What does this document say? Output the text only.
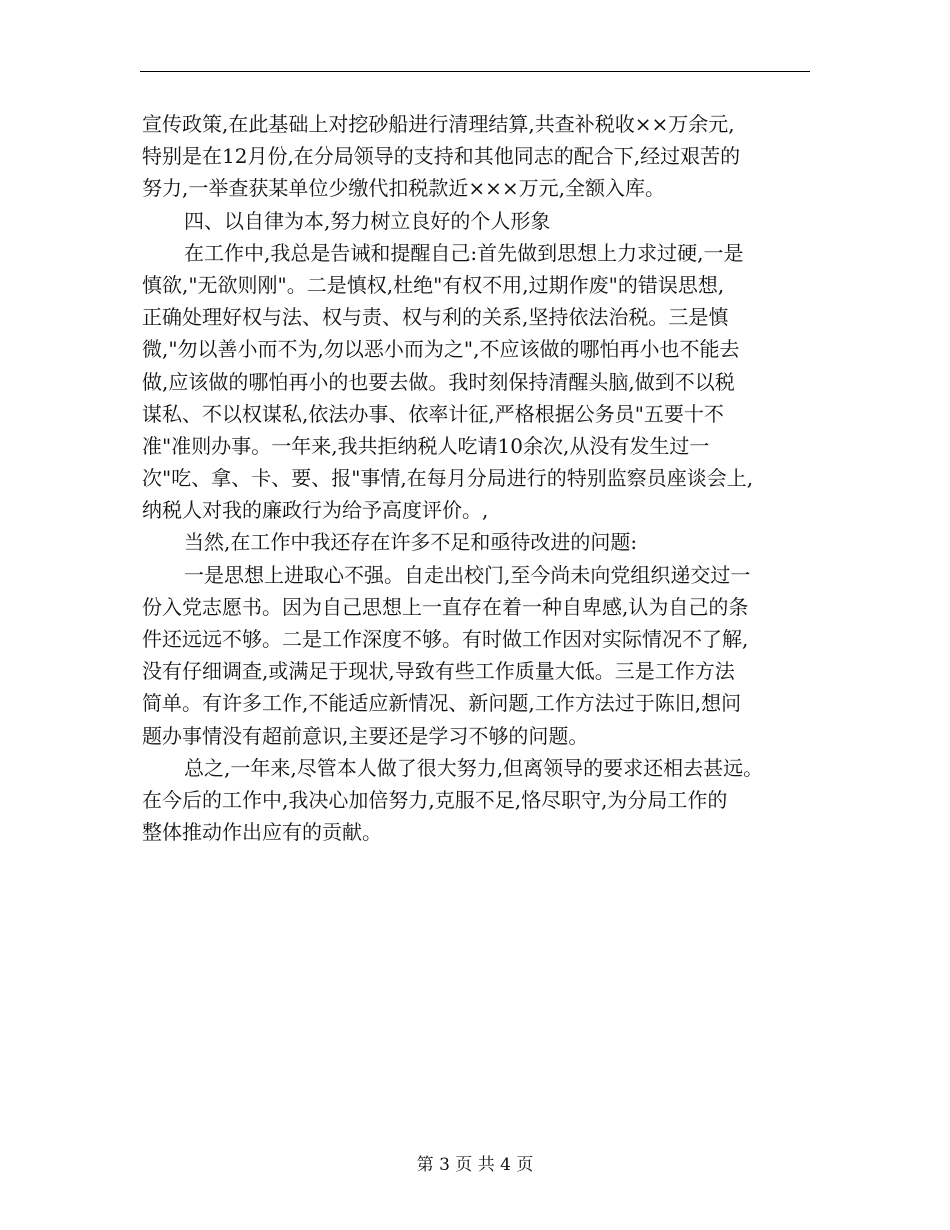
宣传政策,在此基础上对挖砂船进行清理结算,共查补税收××万余元,
特别是在12月份,在分局领导的支持和其他同志的配合下,经过艰苦的
努力,一举查获某单位少缴代扣税款近×××万元,全额入库。
四、以自律为本,努力树立良好的个人形象
在工作中,我总是告诫和提醒自己:首先做到思想上力求过硬,一是
慎欲,"无欲则刚"。二是慎权,杜绝"有权不用,过期作废"的错误思想,
正确处理好权与法、权与责、权与利的关系,坚持依法治税。三是慎
微,"勿以善小而不为,勿以恶小而为之",不应该做的哪怕再小也不能去
做,应该做的哪怕再小的也要去做。我时刻保持清醒头脑,做到不以税
谋私、不以权谋私,依法办事、依率计征,严格根据公务员"五要十不
准"准则办事。一年来,我共拒纳税人吃请10余次,从没有发生过一
次"吃、拿、卡、要、报"事情,在每月分局进行的特别监察员座谈会上,
纳税人对我的廉政行为给予高度评价。,
当然,在工作中我还存在许多不足和亟待改进的问题:
一是思想上进取心不强。自走出校门,至今尚未向党组织递交过一
份入党志愿书。因为自己思想上一直存在着一种自卑感,认为自己的条
件还远远不够。二是工作深度不够。有时做工作因对实际情况不了解,
没有仔细调查,或满足于现状,导致有些工作质量大低。三是工作方法
简单。有许多工作,不能适应新情况、新问题,工作方法过于陈旧,想问
题办事情没有超前意识,主要还是学习不够的问题。
总之,一年来,尽管本人做了很大努力,但离领导的要求还相去甚远。
在今后的工作中,我决心加倍努力,克服不足,恪尽职守,为分局工作的
整体推动作出应有的贡献。
第 3 页 共 4 页
